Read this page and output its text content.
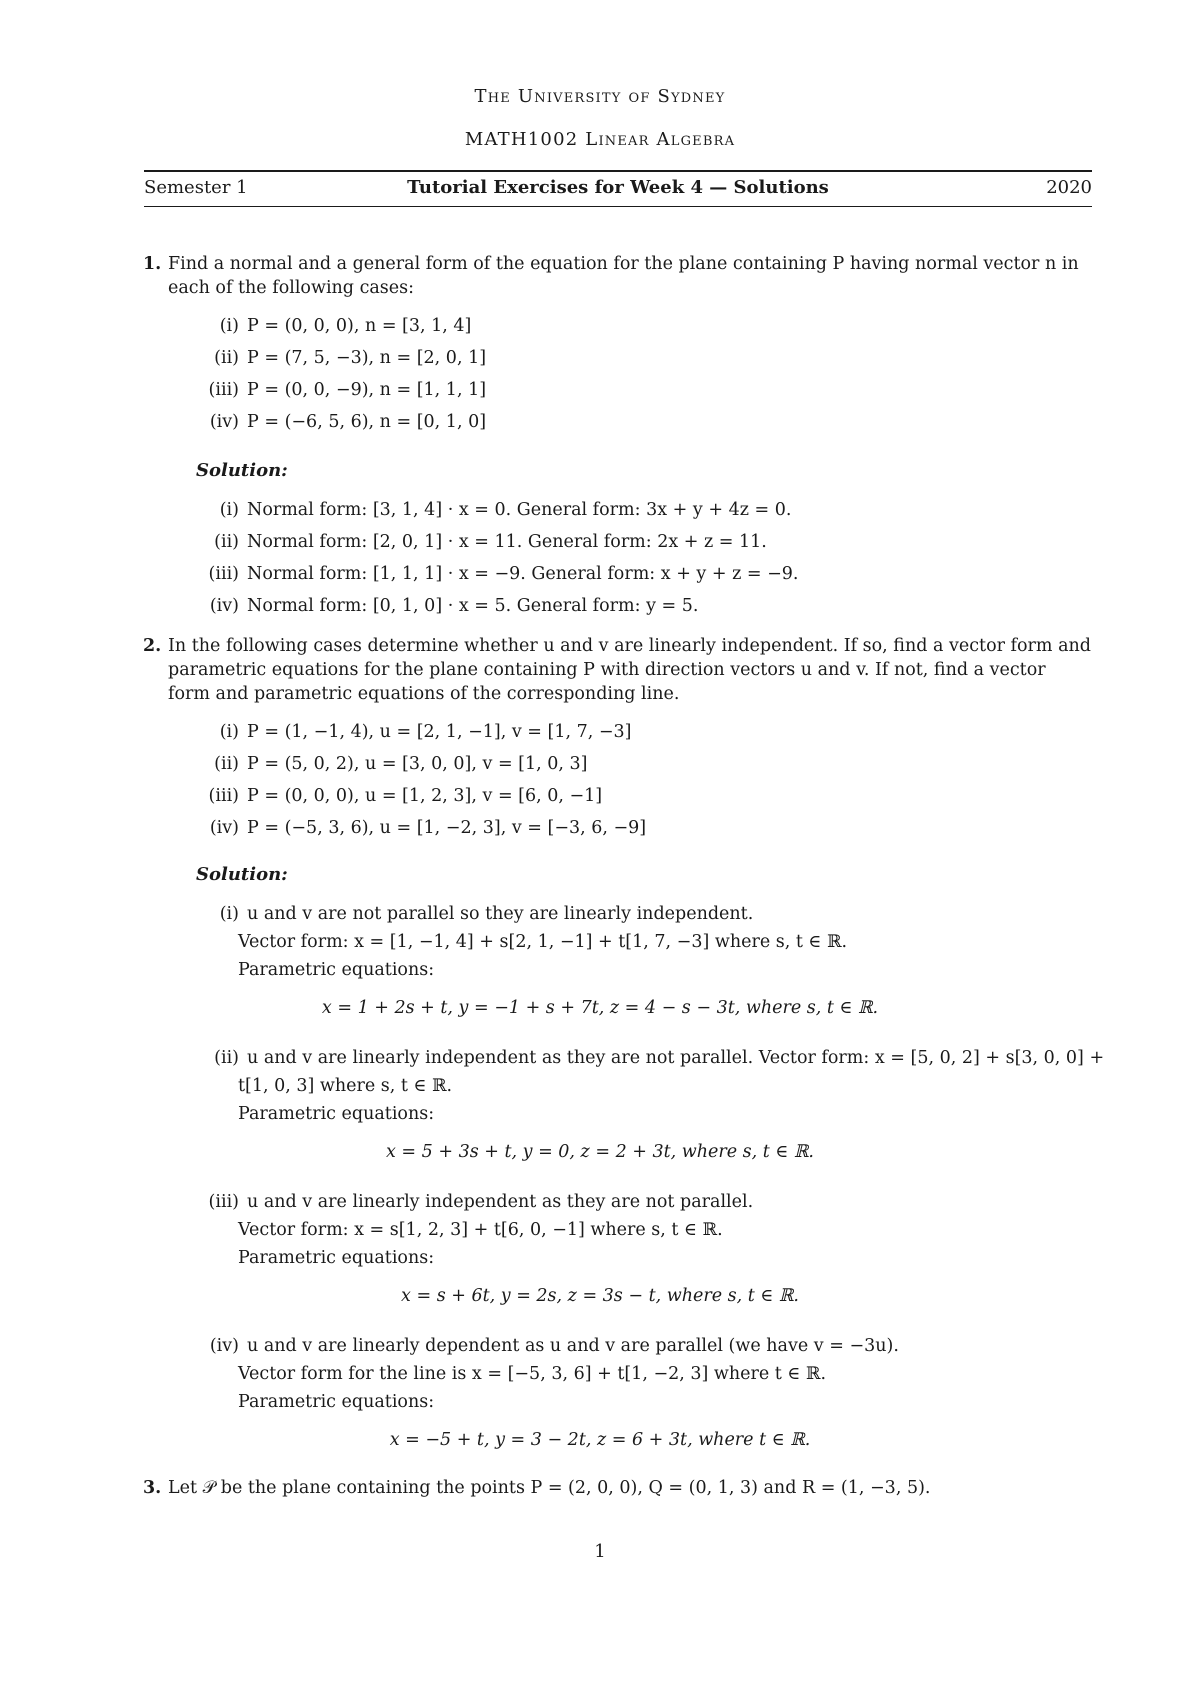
The University of Sydney
MATH1002 Linear Algebra
Semester 1	Tutorial Exercises for Week 4 — Solutions	2020
1. Find a normal and a general form of the equation for the plane containing P having normal vector n in each of the following cases:
(i) P = (0, 0, 0), n = [3, 1, 4]
(ii) P = (7, 5, −3), n = [2, 0, 1]
(iii) P = (0, 0, −9), n = [1, 1, 1]
(iv) P = (−6, 5, 6), n = [0, 1, 0]
Solution:
(i) Normal form: [3, 1, 4] · x = 0. General form: 3x + y + 4z = 0.
(ii) Normal form: [2, 0, 1] · x = 11. General form: 2x + z = 11.
(iii) Normal form: [1, 1, 1] · x = −9. General form: x + y + z = −9.
(iv) Normal form: [0, 1, 0] · x = 5. General form: y = 5.
2. In the following cases determine whether u and v are linearly independent. If so, find a vector form and parametric equations for the plane containing P with direction vectors u and v. If not, find a vector form and parametric equations of the corresponding line.
(i) P = (1, −1, 4), u = [2, 1, −1], v = [1, 7, −3]
(ii) P = (5, 0, 2), u = [3, 0, 0], v = [1, 0, 3]
(iii) P = (0, 0, 0), u = [1, 2, 3], v = [6, 0, −1]
(iv) P = (−5, 3, 6), u = [1, −2, 3], v = [−3, 6, −9]
Solution:
(i) u and v are not parallel so they are linearly independent.
Vector form: x = [1, −1, 4] + s[2, 1, −1] + t[1, 7, −3] where s, t ∈ ℝ.
Parametric equations:
x = 1 + 2s + t, y = −1 + s + 7t, z = 4 − s − 3t, where s, t ∈ ℝ.
(ii) u and v are linearly independent as they are not parallel. Vector form: x = [5, 0, 2] + s[3, 0, 0] +
t[1, 0, 3] where s, t ∈ ℝ.
Parametric equations:
x = 5 + 3s + t, y = 0, z = 2 + 3t, where s, t ∈ ℝ.
(iii) u and v are linearly independent as they are not parallel.
Vector form: x = s[1, 2, 3] + t[6, 0, −1] where s, t ∈ ℝ.
Parametric equations:
x = s + 6t, y = 2s, z = 3s − t, where s, t ∈ ℝ.
(iv) u and v are linearly dependent as u and v are parallel (we have v = −3u).
Vector form for the line is x = [−5, 3, 6] + t[1, −2, 3] where t ∈ ℝ.
Parametric equations:
x = −5 + t, y = 3 − 2t, z = 6 + 3t, where t ∈ ℝ.
3. Let 𝒫 be the plane containing the points P = (2, 0, 0), Q = (0, 1, 3) and R = (1, −3, 5).
1
